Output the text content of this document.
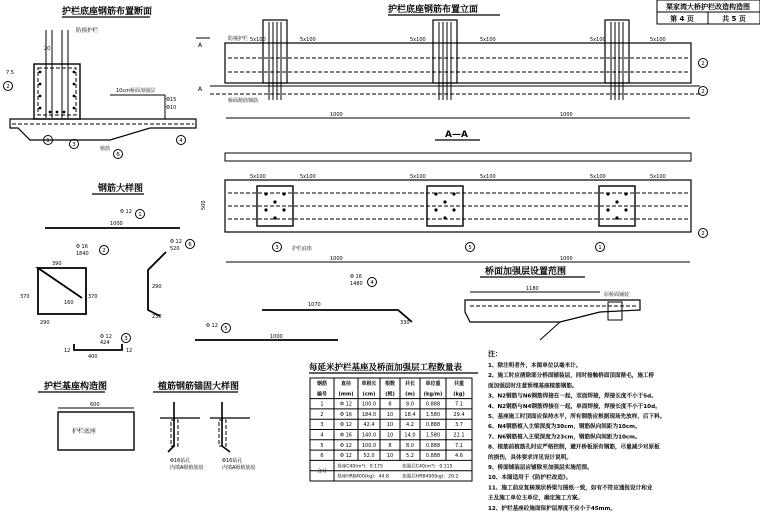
栗家湾大桥护栏改造构造图
第 4 页	共 5 页
护栏底座钢筋布置断面
防撞护栏
20
10cm桥面加强层
Φ15
Φ10
植筋
7.5
2
1
3
4
6
护栏底座钢筋布置立面
A
A
防撞护栏
桥面植筋钢筋
1000	1000
2
2
5x100	5x100	5x100	5x100	5x100	5x100
A—A
500
护栏底座
1000	1000
2
3	5	1
5x100	5x100	5x100	5x100	5x100	5x100
钢筋大样图
1000
Φ 12 1
390
370
160
290
370
Φ 16
1840 2
400
12	12
Φ 12
424
3
Φ 12
520
6
290
230
1000
Φ 12 5
1070
330
Φ 16
1480 4
桥面加强层设置范围
1180
原桥面铺装
护栏基座构造图
600
护栏底座
植筋钢筋锚固大样图
Φ16钻孔
内填A级植筋胶
Φ16钻孔
内填A级植筋胶
每延米护栏基座及桥面加强层工程数量表
钢筋	直径 单根长 根数 共长 单位重	共重
编号 (mm) (cm) (根) (m) (kg/m) (kg)
1	Φ 12 100.0 8	8.0 0.888	7.1
2	Φ 16 184.0 10 18.4 1.580	29.4
3	Φ 12 42.4 10	4.2 0.888	3.7
4	Φ 16 140.0 10 14.0 1.580	22.1
5	Φ 12 100.0 8	8.0 0.888	7.1
6	Φ 12 52.0 10	5.2 0.888	4.6
合计
基座C40(m³)：0.175	加强层C40(m³)：0.115
基座HRB400(kg)：44.8	加强层HRB400(kg)：29.2
注：
1、除注明者外，本图单位以毫米计。
2、施工时应凿除部分桥面铺装层，同时接触桥面顶面凿毛，施工桥
面加强层时注意预埋基座植筋钢筋。
3、N2钢筋与N6钢筋焊接在一起，双面焊接，焊接长度不小于5d。
4、N2钢筋与N4钢筋焊接在一起，单面焊接，焊接长度不小于10d。
5、基座施工时顶面应保持水平，所有钢筋应根据现场先放样，后下料。
6、N4钢筋植入主梁深度为30cm，钢筋纵向间距为10cm。
7、N6钢筋植入主梁深度为23cm，钢筋纵向间距为10cm。
8、植筋前植筋孔时应严格控制，避开桥板原有钢筋，尽量减少对原板
的损伤，具体要求详见设计说明。
9、桥面铺装层应铺除至加强层实施范围。
10、本图适用于《防护栏改造》。
11、施工前应复核现状桥梁与图纸一致，如有不符应通报设计和业
主及施工单位主单位，确定施工方案。
12、护栏基座砼施面保护层厚度不应小于45mm。
